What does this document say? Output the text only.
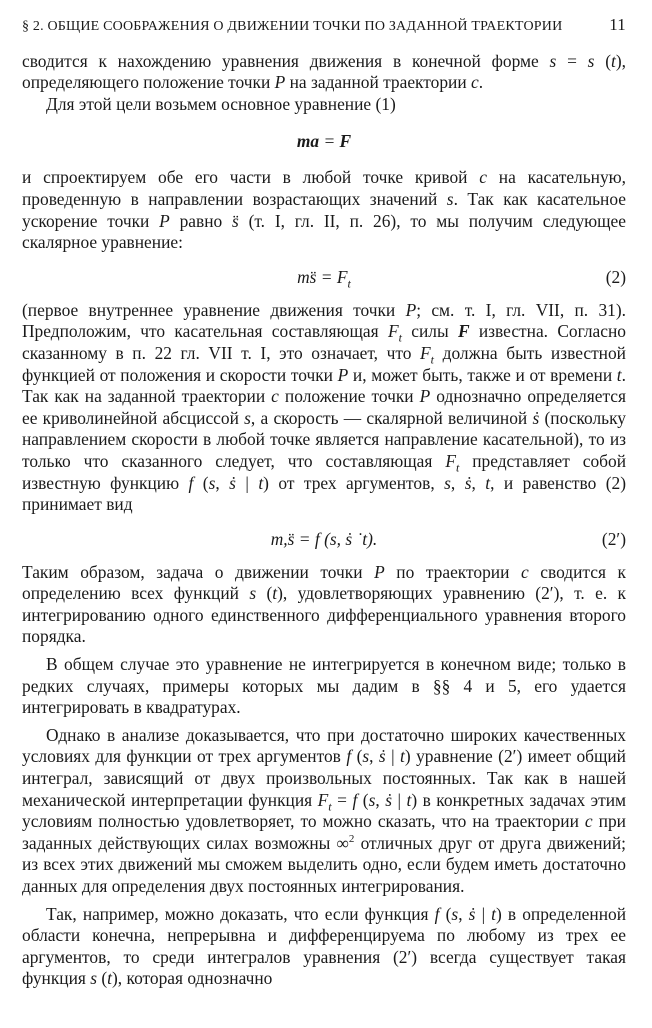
§ 2. ОБЩИЕ СООБРАЖЕНИЯ О ДВИЖЕНИИ ТОЧКИ ПО ЗАДАННОЙ ТРАЕКТОРИИ	11

сводится к нахождению уравнения движения в конечной форме s = s (t), определяющего положение точки P на заданной траектории c.

Для этой цели возьмем основное уравнение (1)

ma = F

и спроектируем обе его части в любой точке кривой c на касательную, проведенную в направлении возрастающих значений s. Так как касательное ускорение точки P равно s̈ (т. I, гл. II, п. 26), то мы получим следующее скалярное уравнение:

ms̈ = $F_t$	(2)

(первое внутреннее уравнение движения точки P; см. т. I, гл. VII, п. 31). Предположим, что касательная составляющая $F_t$ силы F известна. Согласно сказанному в п. 22 гл. VII т. I, это означает, что $F_t$ должна быть известной функцией от положения и скорости точки P и, может быть, также и от времени t. Так как на заданной траектории c положение точки P однозначно определяется ее криволинейной абсциссой s, а скорость — скалярной величиной ṡ (поскольку направлением скорости в любой точке является направление касательной), то из только что сказанного следует, что составляющая $F_t$ представляет собой известную функцию f (s, ṡ | t) от трех аргументов, s, ṡ, t, и равенство (2) принимает вид

m,s̈ = f (s, ṡ ˙t).	(2′)

Таким образом, задача о движении точки P по траектории c сводится к определению всех функций s (t), удовлетворяющих уравнению (2′), т. е. к интегрированию одного единственного дифференциального уравнения второго порядка.

В общем случае это уравнение не интегрируется в конечном виде; только в редких случаях, примеры которых мы дадим в §§ 4 и 5, его удается интегрировать в квадратурах.

Однако в анализе доказывается, что при достаточно широких качественных условиях для функции от трех аргументов f (s, ṡ | t) уравнение (2′) имеет общий интеграл, зависящий от двух произвольных постоянных. Так как в нашей механической интерпретации функция $F_t = f$ (s, ṡ | t) в конкретных задачах этим условиям полностью удовлетворяет, то можно сказать, что на траектории c при заданных действующих силах возможны ∞$^2$ отличных друг от друга движений; из всех этих движений мы сможем выделить одно, если будем иметь достаточно данных для определения двух постоянных интегрирования.

Так, например, можно доказать, что если функция f (s, ṡ | t) в определенной области конечна, непрерывна и дифференцируема по любому из трех ее аргументов, то среди интегралов уравнения (2′) всегда существует такая функция s (t), которая однозначно
